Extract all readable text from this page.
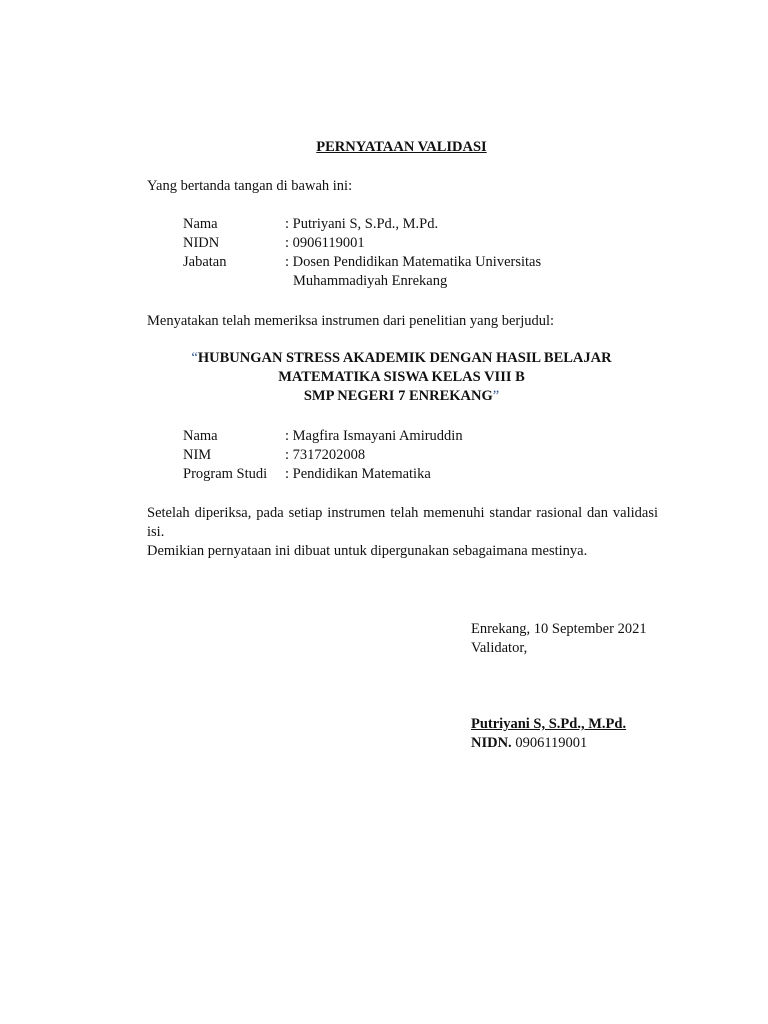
PERNYATAAN VALIDASI
Yang bertanda tangan di bawah ini:
Nama	: Putriyani S, S.Pd., M.Pd.
NIDN	: 0906119001
Jabatan	: Dosen Pendidikan Matematika Universitas
Muhammadiyah Enrekang
Menyatakan telah memeriksa instrumen dari penelitian yang berjudul:
“HUBUNGAN STRESS AKADEMIK DENGAN HASIL BELAJAR
MATEMATIKA SISWA KELAS VIII B
SMP NEGERI 7 ENREKANG”
Nama	: Magfira Ismayani Amiruddin
NIM	: 7317202008
Program Studi : Pendidikan Matematika
Setelah diperiksa, pada setiap instrumen telah memenuhi standar rasional dan validasi isi.
Demikian pernyataan ini dibuat untuk dipergunakan sebagaimana mestinya.
Enrekang, 10 September 2021
Validator,
Putriyani S, S.Pd., M.Pd.
NIDN. 0906119001
